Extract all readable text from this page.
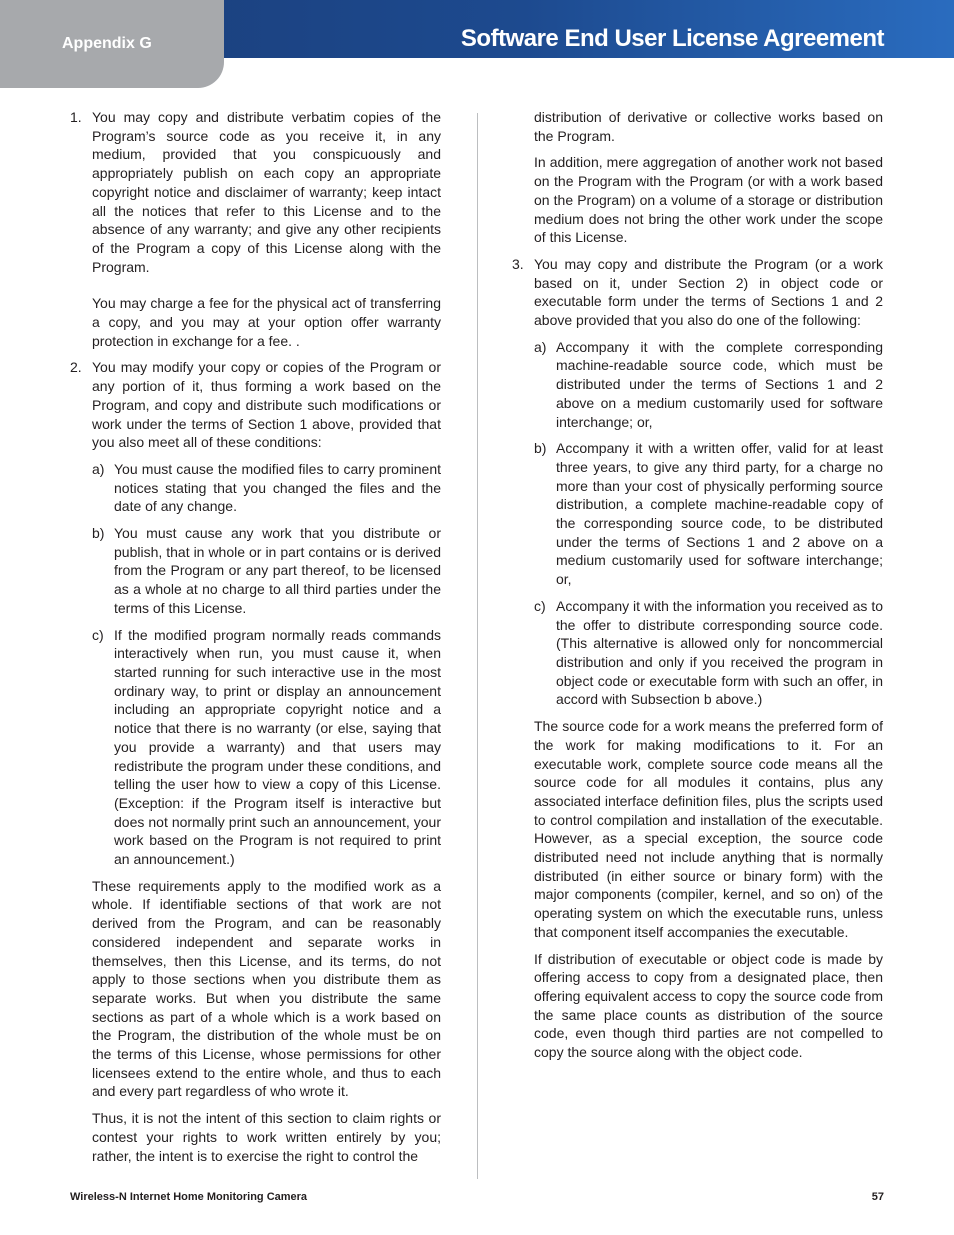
Appendix G	Software End User License Agreement
1. You may copy and distribute verbatim copies of the Program’s source code as you receive it, in any medium, provided that you conspicuously and appropriately publish on each copy an appropriate copyright notice and disclaimer of warranty; keep intact all the notices that refer to this License and to the absence of any warranty; and give any other recipients of the Program a copy of this License along with the Program.

You may charge a fee for the physical act of transferring a copy, and you may at your option offer warranty protection in exchange for a fee. .

2. You may modify your copy or copies of the Program or any portion of it, thus forming a work based on the Program, and copy and distribute such modifications or work under the terms of Section 1 above, provided that you also meet all of these conditions:

a) You must cause the modified files to carry prominent notices stating that you changed the files and the date of any change.

b) You must cause any work that you distribute or publish, that in whole or in part contains or is derived from the Program or any part thereof, to be licensed as a whole at no charge to all third parties under the terms of this License.

c) If the modified program normally reads commands interactively when run, you must cause it, when started running for such interactive use in the most ordinary way, to print or display an announcement including an appropriate copyright notice and a notice that there is no warranty (or else, saying that you provide a warranty) and that users may redistribute the program under these conditions, and telling the user how to view a copy of this License. (Exception: if the Program itself is interactive but does not normally print such an announcement, your work based on the Program is not required to print an announcement.)

These requirements apply to the modified work as a whole. If identifiable sections of that work are not derived from the Program, and can be reasonably considered independent and separate works in themselves, then this License, and its terms, do not apply to those sections when you distribute them as separate works. But when you distribute the same sections as part of a whole which is a work based on the Program, the distribution of the whole must be on the terms of this License, whose permissions for other licensees extend to the entire whole, and thus to each and every part regardless of who wrote it.

Thus, it is not the intent of this section to claim rights or contest your rights to work written entirely by you; rather, the intent is to exercise the right to control the

distribution of derivative or collective works based on the Program.

In addition, mere aggregation of another work not based on the Program with the Program (or with a work based on the Program) on a volume of a storage or distribution medium does not bring the other work under the scope of this License.

3. You may copy and distribute the Program (or a work based on it, under Section 2) in object code or executable form under the terms of Sections 1 and 2 above provided that you also do one of the following:

a) Accompany it with the complete corresponding machine-readable source code, which must be distributed under the terms of Sections 1 and 2 above on a medium customarily used for software interchange; or,

b) Accompany it with a written offer, valid for at least three years, to give any third party, for a charge no more than your cost of physically performing source distribution, a complete machine-readable copy of the corresponding source code, to be distributed under the terms of Sections 1 and 2 above on a medium customarily used for software interchange; or,

c) Accompany it with the information you received as to the offer to distribute corresponding source code. (This alternative is allowed only for noncommercial distribution and only if you received the program in object code or executable form with such an offer, in accord with Subsection b above.)

The source code for a work means the preferred form of the work for making modifications to it. For an executable work, complete source code means all the source code for all modules it contains, plus any associated interface definition files, plus the scripts used to control compilation and installation of the executable. However, as a special exception, the source code distributed need not include anything that is normally distributed (in either source or binary form) with the major components (compiler, kernel, and so on) of the operating system on which the executable runs, unless that component itself accompanies the executable.

If distribution of executable or object code is made by offering access to copy from a designated place, then offering equivalent access to copy the source code from the same place counts as distribution of the source code, even though third parties are not compelled to copy the source along with the object code.

Wireless-N Internet Home Monitoring Camera	57
